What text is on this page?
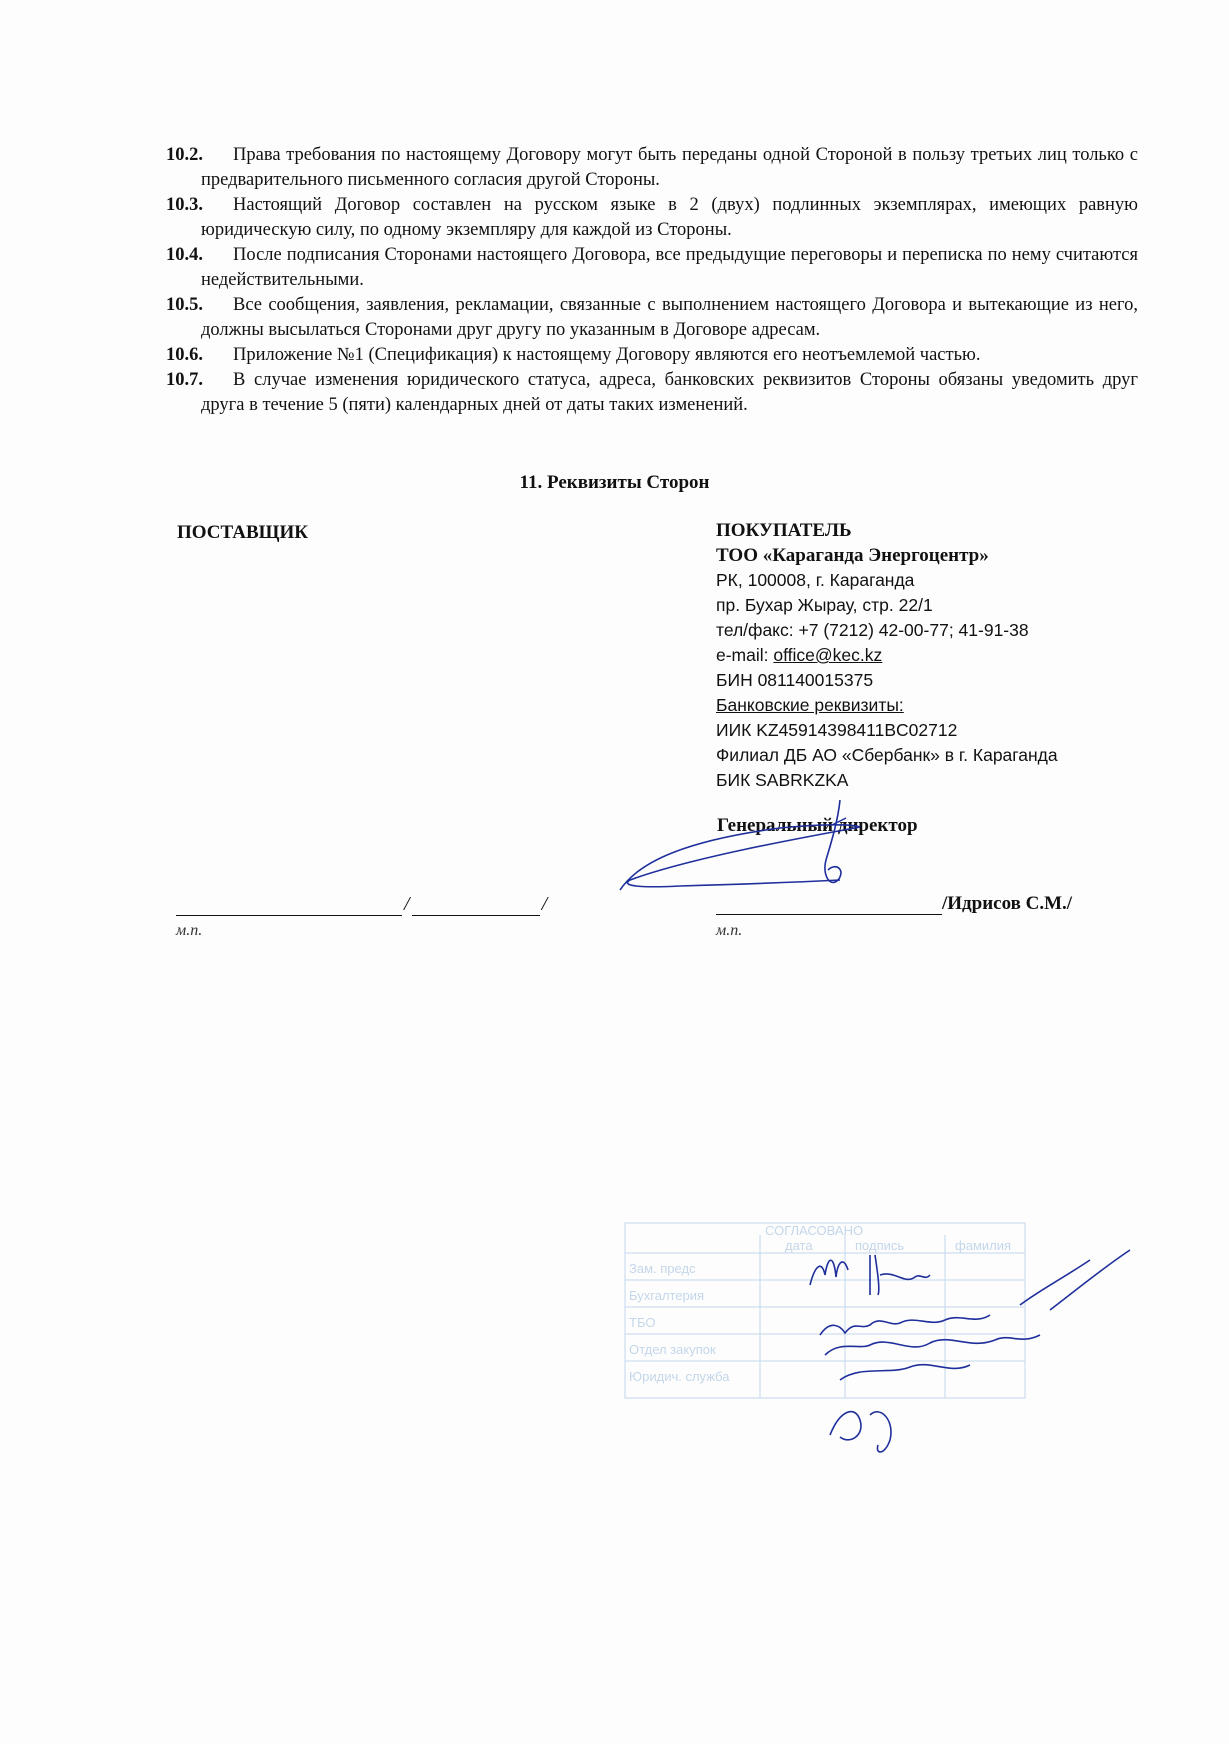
10.2.	Права требования по настоящему Договору могут быть переданы одной Стороной в пользу третьих лиц только с предварительного письменного согласия другой Стороны.
10.3.	Настоящий Договор составлен на русском языке в 2 (двух) подлинных экземплярах, имеющих равную юридическую силу, по одному экземпляру для каждой из Стороны.
10.4.	После подписания Сторонами настоящего Договора, все предыдущие переговоры и переписка по нему считаются недействительными.
10.5.	Все сообщения, заявления, рекламации, связанные с выполнением настоящего Договора и вытекающие из него, должны высылаться Сторонами друг другу по указанным в Договоре адресам.
10.6.	Приложение №1 (Спецификация) к настоящему Договору являются его неотъемлемой частью.
10.7.	В случае изменения юридического статуса, адреса, банковских реквизитов Стороны обязаны уведомить друг друга в течение 5 (пяти) календарных дней от даты таких изменений.
11. Реквизиты Сторон
ПОСТАВЩИК	ПОКУПАТЕЛЬ
ТОО «Караганда Энергоцентр»
РК, 100008, г. Караганда
пр. Бухар Жырау, стр. 22/1
тел/факс: +7 (7212) 42-00-77; 41-91-38
e-mail: office@kec.kz
БИН 081140015375
Банковские реквизиты:
ИИК KZ45914398411BC02712
Филиал ДБ АО «Сбербанк» в г. Караганда
БИК SABRKZKA
Генеральный директор
/	/	/Идрисов С.М./
м.п.	м.п.
СОГЛАСОВАНО
дата	подпись	фамилия
Зам. предс
Бухгалтерия
ТБО
Отдел закупок
Юридич. служба
